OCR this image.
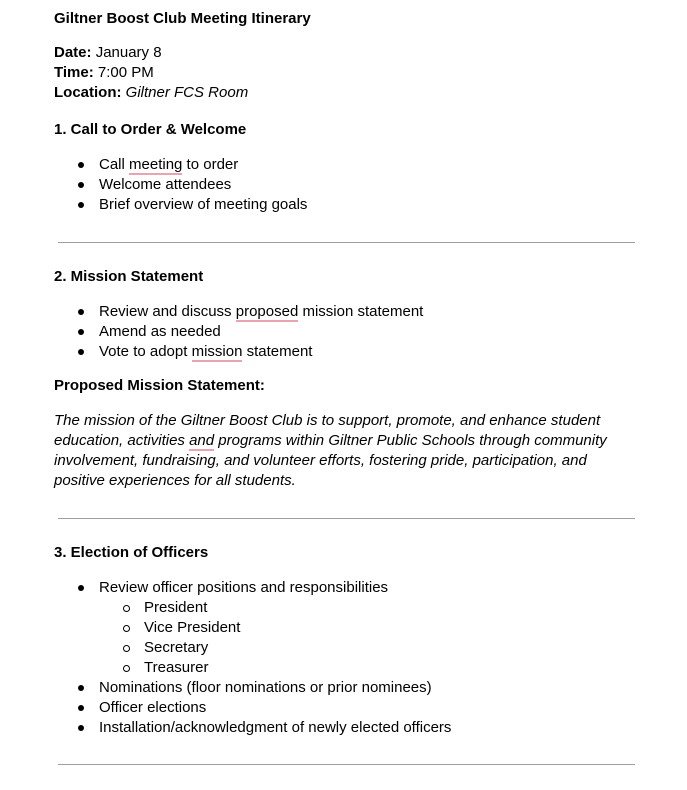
Giltner Boost Club Meeting Itinerary
Date: January 8
Time: 7:00 PM
Location: Giltner FCS Room
1. Call to Order & Welcome
Call meeting to order
Welcome attendees
Brief overview of meeting goals
2. Mission Statement
Review and discuss proposed mission statement
Amend as needed
Vote to adopt mission statement
Proposed Mission Statement:
The mission of the Giltner Boost Club is to support, promote, and enhance student education, activities and programs within Giltner Public Schools through community involvement, fundraising, and volunteer efforts, fostering pride, participation, and positive experiences for all students.
3. Election of Officers
Review officer positions and responsibilities
President
Vice President
Secretary
Treasurer
Nominations (floor nominations or prior nominees)
Officer elections
Installation/acknowledgment of newly elected officers
